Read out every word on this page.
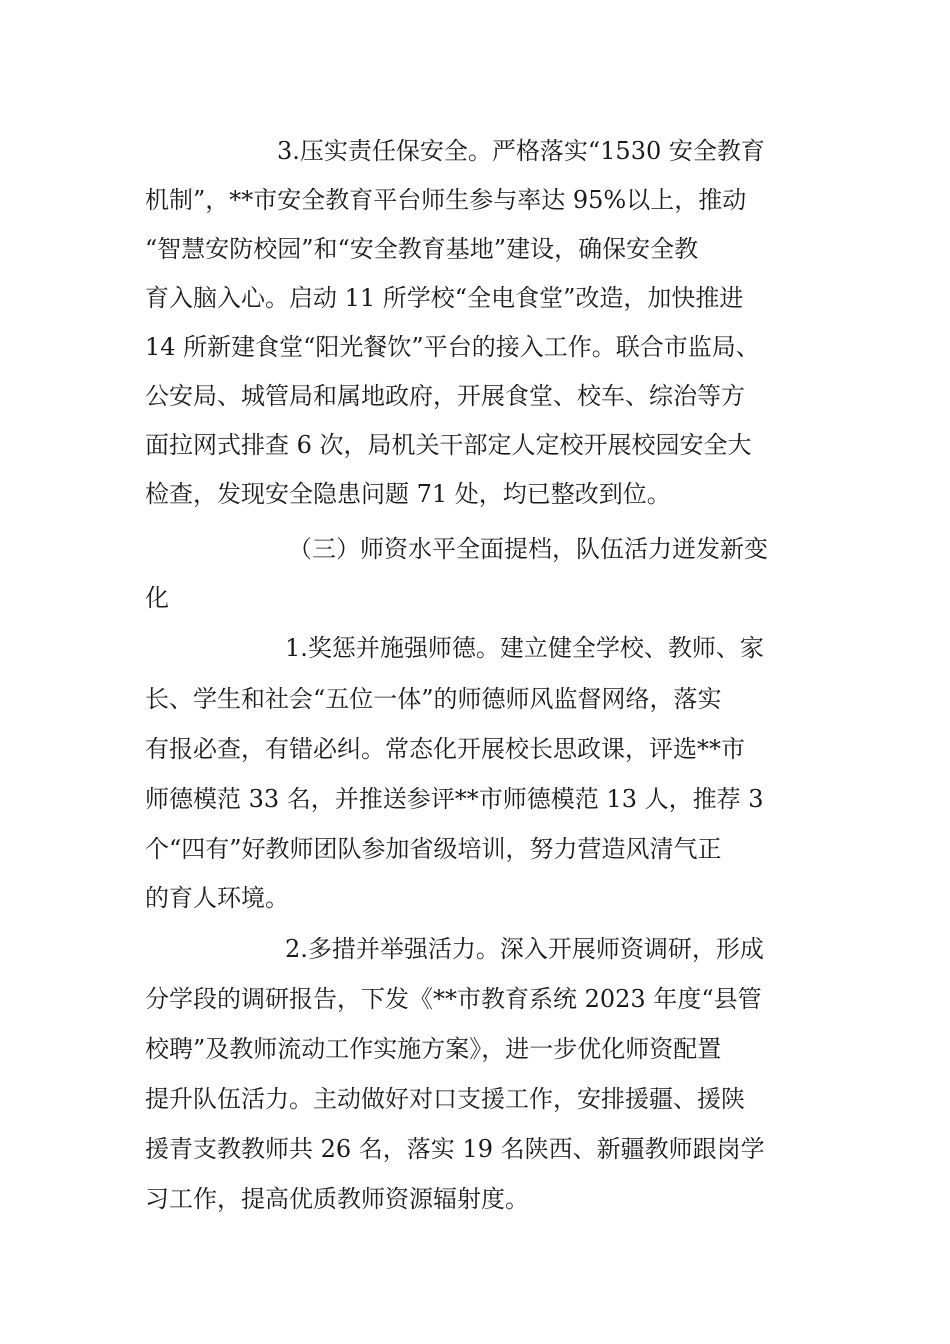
3.压实责任保安全。严格落实“1530 安全教育
机制”，**市安全教育平台师生参与率达 95%以上，推动
“智慧安防校园”和“安全教育基地”建设，确保安全教
育入脑入心。启动 11 所学校“全电食堂”改造，加快推进
14 所新建食堂“阳光餐饮”平台的接入工作。联合市监局、
公安局、城管局和属地政府，开展食堂、校车、综治等方
面拉网式排查 6 次，局机关干部定人定校开展校园安全大
检查，发现安全隐患问题 71 处，均已整改到位。
（三）师资水平全面提档，队伍活力迸发新变
化
1.奖惩并施强师德。建立健全学校、教师、家
长、学生和社会“五位一体”的师德师风监督网络，落实
有报必查，有错必纠。常态化开展校长思政课，评选**市
师德模范 33 名，并推送参评**市师德模范 13 人，推荐 3
个“四有”好教师团队参加省级培训，努力营造风清气正
的育人环境。
2.多措并举强活力。深入开展师资调研，形成
分学段的调研报告，下发《**市教育系统 2023 年度“县管
校聘”及教师流动工作实施方案》，进一步优化师资配置
提升队伍活力。主动做好对口支援工作，安排援疆、援陕
援青支教教师共 26 名，落实 19 名陕西、新疆教师跟岗学
习工作，提高优质教师资源辐射度。
